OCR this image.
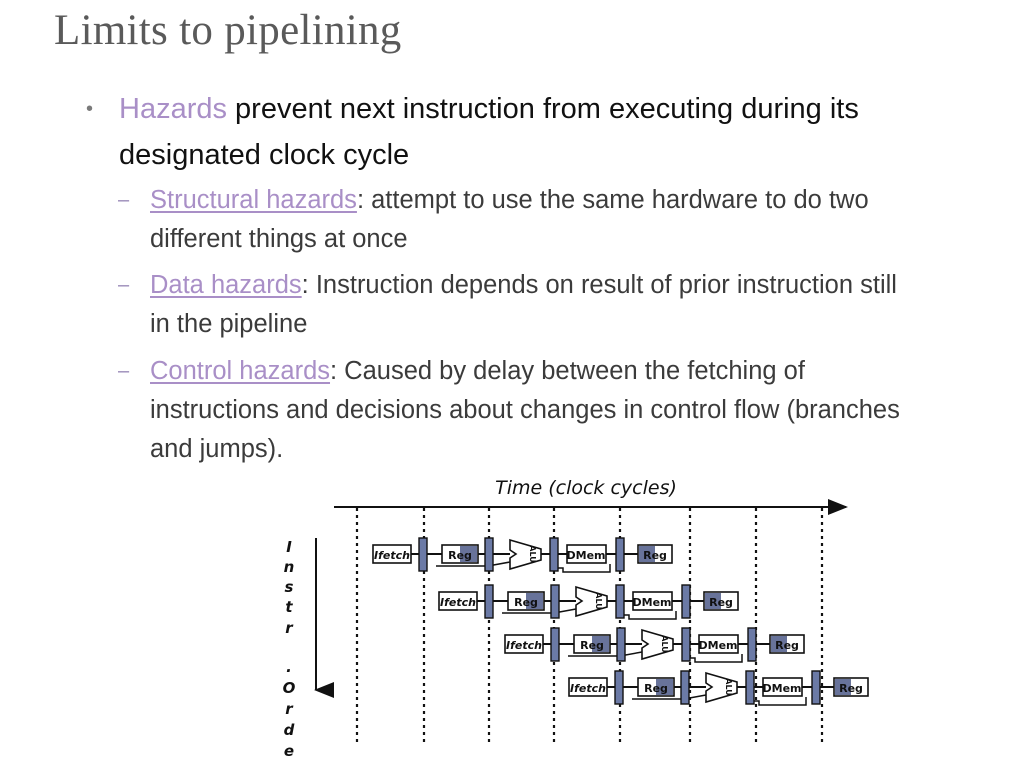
Limits to pipelining
• Hazards prevent next instruction from executing during its designated clock cycle
– Structural hazards: attempt to use the same hardware to do two different things at once
– Data hazards: Instruction depends on result of prior instruction still in the pipeline
– Control hazards: Caused by delay between the fetching of instructions and decisions about changes in control flow (branches and jumps).
Time (clock cycles)
I
n
s
t
r
.
O
r
d
e
Ifetch	Reg	ALU	DMem	Reg
Ifetch	Reg	ALU	DMem	Reg
Ifetch	Reg	ALU	DMem	Reg
Ifetch	Reg	ALU	DMem	Reg
